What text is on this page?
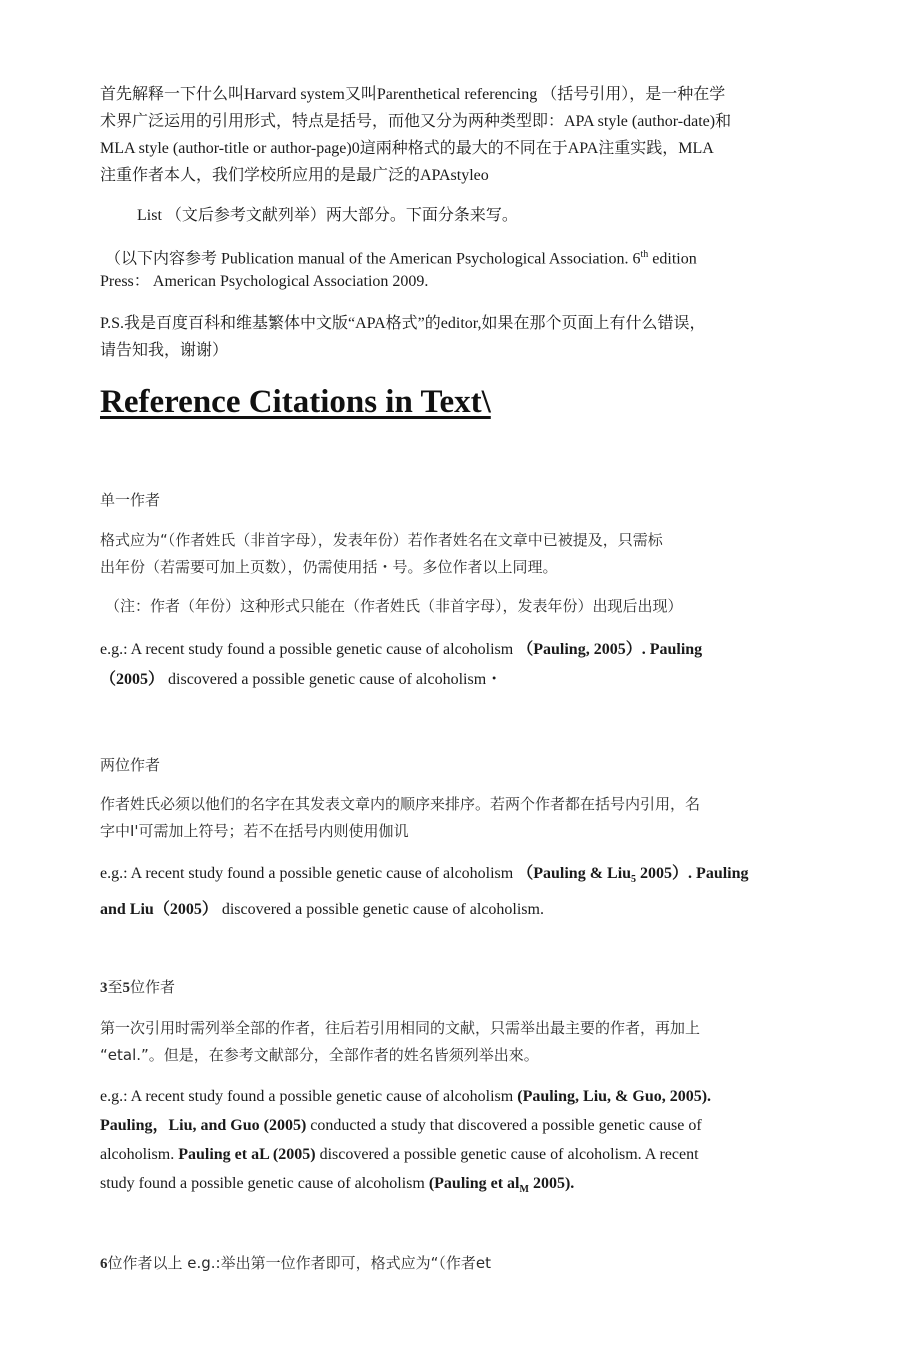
首先解释一下什么叫Harvard system又叫Parenthetical referencing （括号引用），是一种在学
术界广泛运用的引用形式，特点是括号，而他又分为两种类型即：APA style (author-date)和
MLA style (author-title or author-page)0這兩种格式的最大的不同在于APA注重实践，MLA
注重作者本人，我们学校所应用的是最广泛的APAstyleo
List （文后参考文献列举）两大部分。下面分条来写。
（以下内容参考 Publication manual of the American Psychological Association. 6th edition
Press： American Psychological Association 2009.
P.S.我是百度百科和维基繁体中文版“APA格式”的editor,如果在那个页面上有什么错误，
请告知我，谢谢）
Reference Citations in Text\
单一作者
格式应为“（作者姓氏（非首字母），发表年份）若作者姓名在文章中已被提及，只需标
出年份（若需要可加上页数），仍需使用括・号。多位作者以上同理。
（注：作者（年份）这种形式只能在（作者姓氏（非首字母），发表年份）出现后出现）
e.g.: A recent study found a possible genetic cause of alcoholism （Pauling, 2005）. Pauling
（2005） discovered a possible genetic cause of alcoholism・
两位作者
作者姓氏必须以他们的名字在其发表文章内的顺序来排序。若两个作者都在括号内引用，名
字中I'可需加上符号；若不在括号内则使用伽讥
e.g.: A recent study found a possible genetic cause of alcoholism （Pauling & Liu$_5$ 2005）. Pauling
and Liu（2005） discovered a possible genetic cause of alcoholism.
3至5位作者
第一次引用时需列举全部的作者，往后若引用相同的文献，只需举出最主要的作者，再加上
“etal.”。但是，在参考文献部分，全部作者的姓名皆须列举出來。
e.g.: A recent study found a possible genetic cause of alcoholism (Pauling, Liu, & Guo, 2005).
Pauling，Liu, and Guo (2005) conducted a study that discovered a possible genetic cause of
alcoholism. Pauling et aL (2005) discovered a possible genetic cause of alcoholism. A recent
study found a possible genetic cause of alcoholism (Pauling et $al_M$ 2005).
6位作者以上 e.g.:举出第一位作者即可，格式应为“（作者et
